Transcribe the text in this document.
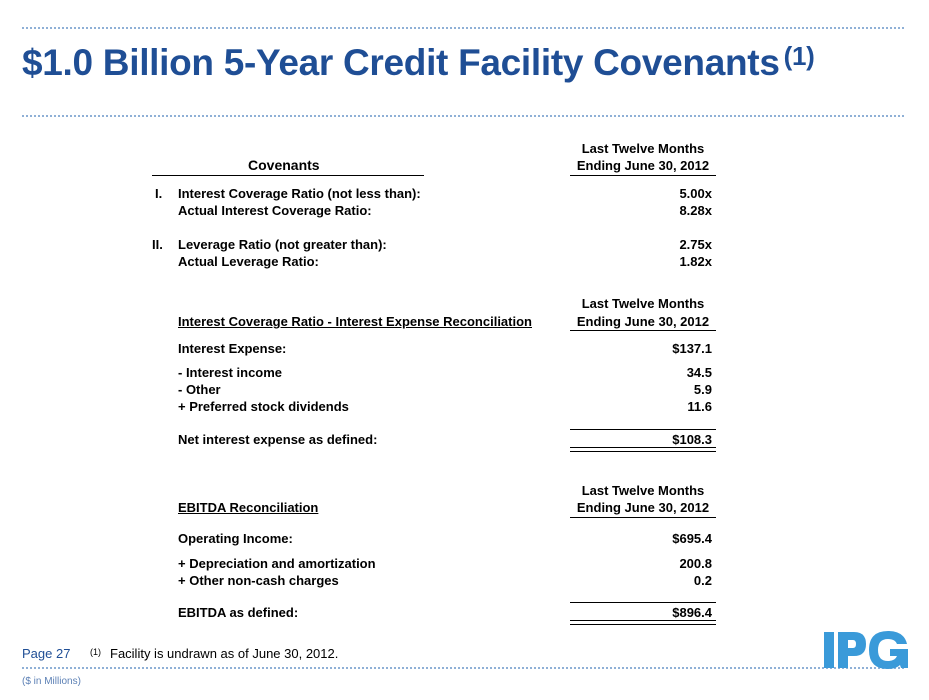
$1.0 Billion 5-Year Credit Facility Covenants $^{(1)}$
Last Twelve Months
Covenants	Ending June 30, 2012
I. Interest Coverage Ratio (not less than):	5.00x
Actual Interest Coverage Ratio:	8.28x
II. Leverage Ratio (not greater than):	2.75x
Actual Leverage Ratio:	1.82x
Last Twelve Months
Interest Coverage Ratio - Interest Expense Reconciliation	Ending June 30, 2012
Interest Expense:	$137.1
- Interest income	34.5
- Other	5.9
+ Preferred stock dividends	11.6
Net interest expense as defined:	$108.3
Last Twelve Months
EBITDA Reconciliation	Ending June 30, 2012
Operating Income:	$695.4
+ Depreciation and amortization	200.8
+ Other non-cash charges	0.2
EBITDA as defined:	$896.4
Page 27 (1) Facility is undrawn as of June 30, 2012.
($ in Millions)
